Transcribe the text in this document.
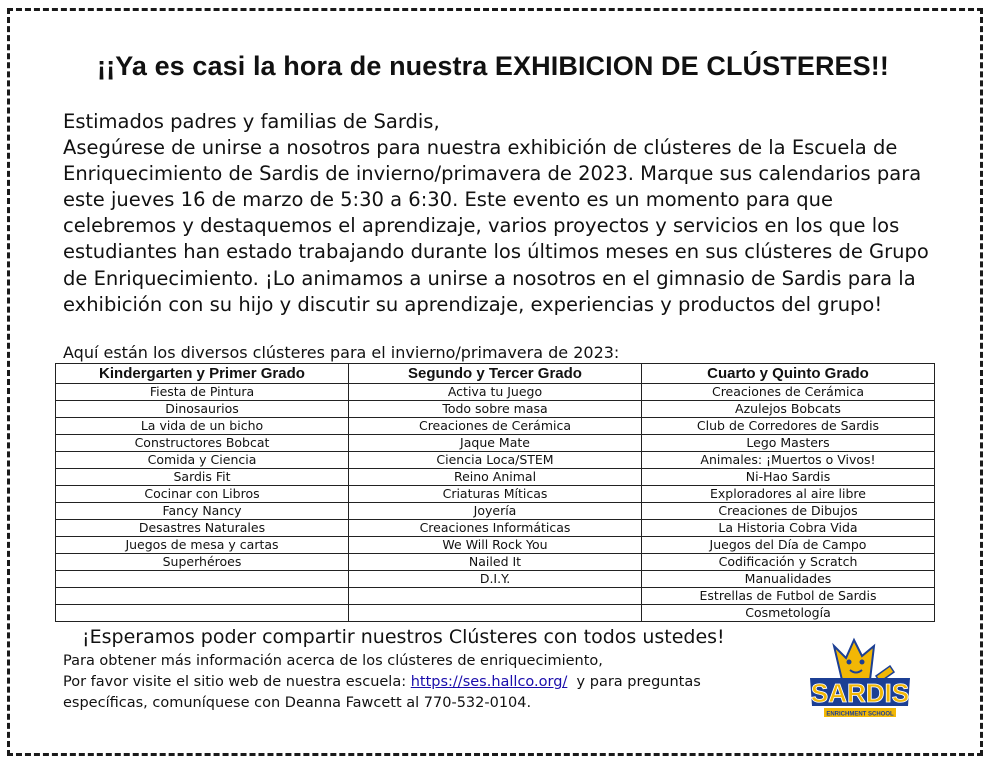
¡¡Ya es casi la hora de nuestra EXHIBICION DE CLÚSTERES!!

Estimados padres y familias de Sardis,

Asegúrese de unirse a nosotros para nuestra exhibición de clústeres de la Escuela de Enriquecimiento de Sardis de invierno/primavera de 2023. Marque sus calendarios para este jueves 16 de marzo de 5:30 a 6:30. Este evento es un momento para que celebremos y destaquemos el aprendizaje, varios proyectos y servicios en los que los estudiantes han estado trabajando durante los últimos meses en sus clústeres de Grupo de Enriquecimiento. ¡Lo animamos a unirse a nosotros en el gimnasio de Sardis para la exhibición con su hijo y discutir su aprendizaje, experiencias y productos del grupo!

Aquí están los diversos clústeres para el invierno/primavera de 2023:

Kindergarten y Primer Grado	Segundo y Tercer Grado	Cuarto y Quinto Grado
Fiesta de Pintura	Activa tu Juego	Creaciones de Cerámica
Dinosaurios	Todo sobre masa	Azulejos Bobcats
La vida de un bicho	Creaciones de Cerámica	Club de Corredores de Sardis
Constructores Bobcat	Jaque Mate	Lego Masters
Comida y Ciencia	Ciencia Loca/STEM	Animales: ¡Muertos o Vivos!
Sardis Fit	Reino Animal	Ni-Hao Sardis
Cocinar con Libros	Criaturas Míticas	Exploradores al aire libre
Fancy Nancy	Joyería	Creaciones de Dibujos
Desastres Naturales	Creaciones Informáticas	La Historia Cobra Vida
Juegos de mesa y cartas	We Will Rock You	Juegos del Día de Campo
Superhéroes	Nailed It	Codificación y Scratch
	D.I.Y.	Manualidades
		Estrellas de Futbol de Sardis
		Cosmetología

¡Esperamos poder compartir nuestros Clústeres con todos ustedes!

Para obtener más información acerca de los clústeres de enriquecimiento,

Por favor visite el sitio web de nuestra escuela: https://ses.hallco.org/  y para preguntas

específicas, comuníquese con Deanna Fawcett al 770-532-0104.	SARDIS
ENRICHMENT SCHOOL
